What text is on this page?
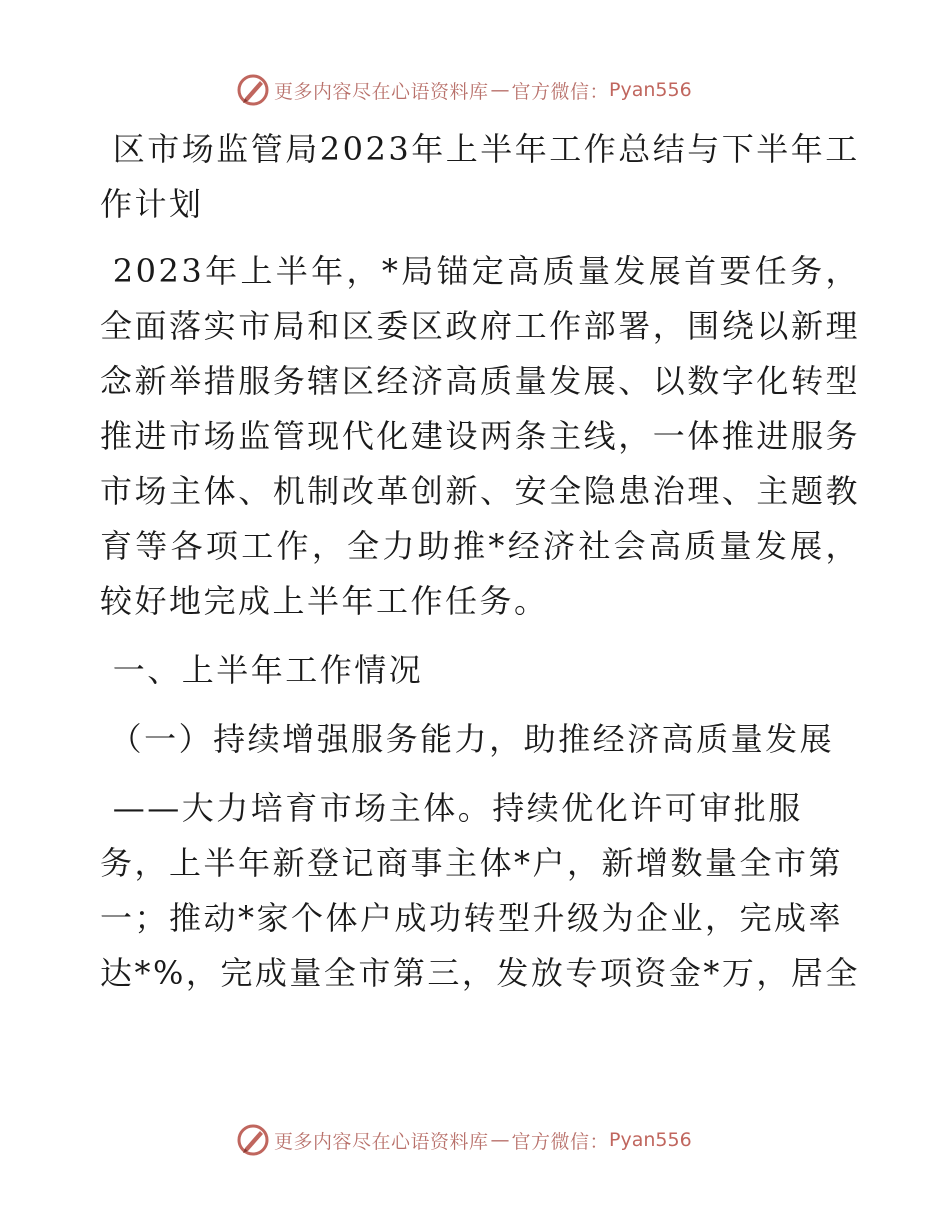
更多内容尽在心语资料库 — 官方微信： Pyan556
区市场监管局2023年上半年工作总结与下半年工作计划

2023年上半年，*局锚定高质量发展首要任务，全面落实市局和区委区政府工作部署，围绕以新理念新举措服务辖区经济高质量发展、以数字化转型推进市场监管现代化建设两条主线，一体推进服务市场主体、机制改革创新、安全隐患治理、主题教育等各项工作，全力助推*经济社会高质量发展，较好地完成上半年工作任务。

一、上半年工作情况

（一）持续增强服务能力，助推经济高质量发展

——大力培育市场主体。持续优化许可审批服务，上半年新登记商事主体*户，新增数量全市第一；推动*家个体户成功转型升级为企业，完成率达*%，完成量全市第三，发放专项资金*万，居全

更多内容尽在心语资料库 — 官方微信： Pyan556
